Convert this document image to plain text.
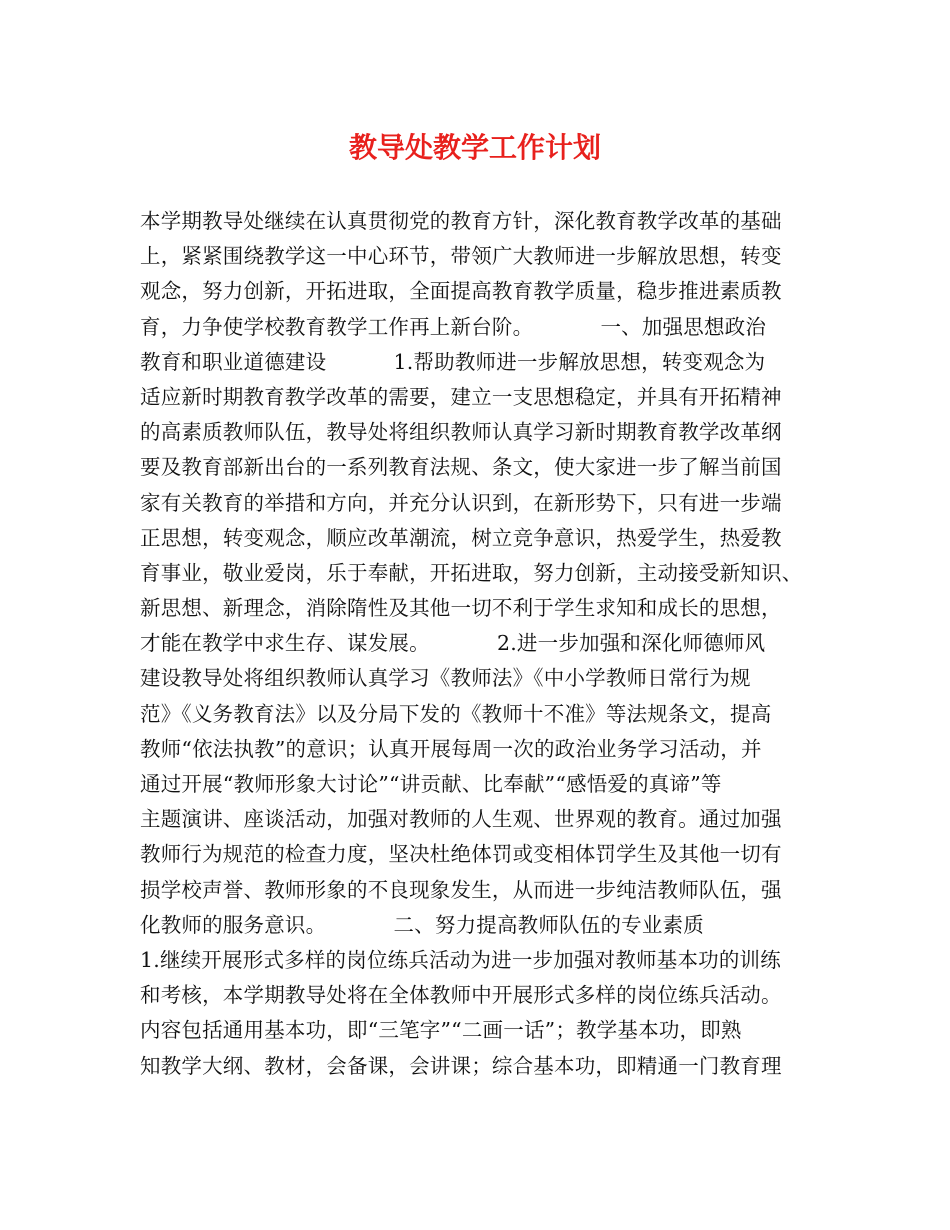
教导处教学工作计划
本学期教导处继续在认真贯彻党的教育方针，深化教育教学改革的基础
上，紧紧围绕教学这一中心环节，带领广大教师进一步解放思想，转变
观念，努力创新，开拓进取，全面提高教育教学质量，稳步推进素质教
育，力争使学校教育教学工作再上新台阶。          一、加强思想政治
教育和职业道德建设          1.帮助教师进一步解放思想，转变观念为
适应新时期教育教学改革的需要，建立一支思想稳定，并具有开拓精神
的高素质教师队伍，教导处将组织教师认真学习新时期教育教学改革纲
要及教育部新出台的一系列教育法规、条文，使大家进一步了解当前国
家有关教育的举措和方向，并充分认识到，在新形势下，只有进一步端
正思想，转变观念，顺应改革潮流，树立竞争意识，热爱学生，热爱教
育事业，敬业爱岗，乐于奉献，开拓进取，努力创新，主动接受新知识、
新思想、新理念，消除隋性及其他一切不利于学生求知和成长的思想，
才能在教学中求生存、谋发展。          2.进一步加强和深化师德师风
建设教导处将组织教师认真学习《教师法》《中小学教师日常行为规
范》《义务教育法》以及分局下发的《教师十不准》等法规条文，提高
教师“依法执教”的意识；认真开展每周一次的政治业务学习活动，并
通过开展“教师形象大讨论”“讲贡献、比奉献”“感悟爱的真谛”等
主题演讲、座谈活动，加强对教师的人生观、世界观的教育。通过加强
教师行为规范的检查力度，坚决杜绝体罚或变相体罚学生及其他一切有
损学校声誉、教师形象的不良现象发生，从而进一步纯洁教师队伍，强
化教师的服务意识。          二、努力提高教师队伍的专业素质
1.继续开展形式多样的岗位练兵活动为进一步加强对教师基本功的训练
和考核，本学期教导处将在全体教师中开展形式多样的岗位练兵活动。
内容包括通用基本功，即“三笔字”“二画一话”；教学基本功，即熟
知教学大纲、教材，会备课，会讲课；综合基本功，即精通一门教育理
